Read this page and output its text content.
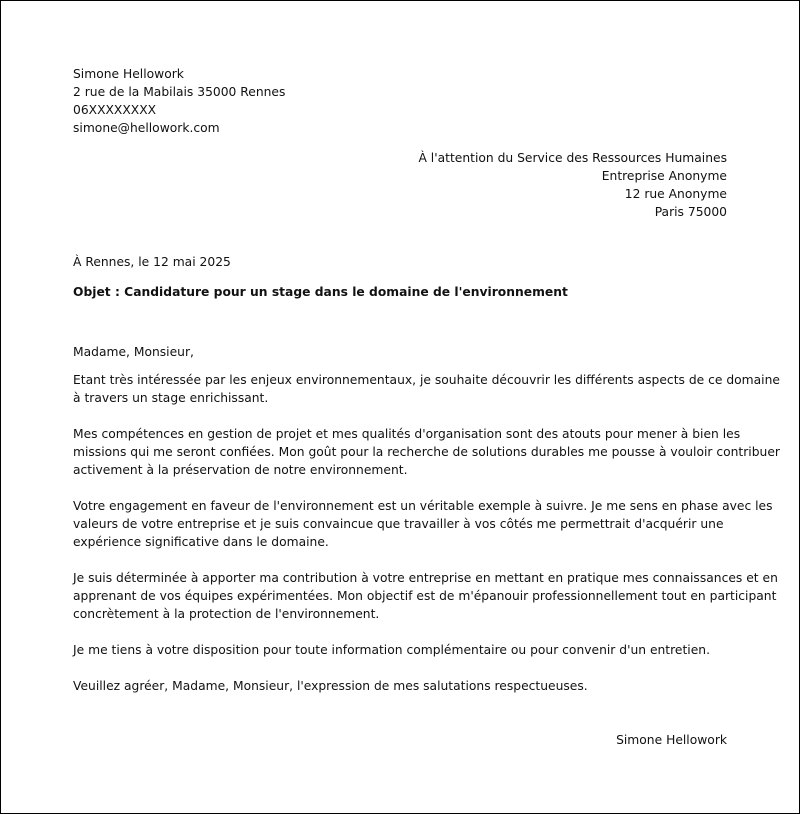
Simone Hellowork
2 rue de la Mabilais 35000 Rennes
06XXXXXXXX
simone@hellowork.com
À l'attention du Service des Ressources Humaines
Entreprise Anonyme
12 rue Anonyme
Paris 75000
À Rennes, le 12 mai 2025
Objet : Candidature pour un stage dans le domaine de l'environnement
Madame, Monsieur,
Etant très intéressée par les enjeux environnementaux, je souhaite découvrir les différents aspects de ce domaine
à travers un stage enrichissant.
Mes compétences en gestion de projet et mes qualités d'organisation sont des atouts pour mener à bien les
missions qui me seront confiées. Mon goût pour la recherche de solutions durables me pousse à vouloir contribuer
activement à la préservation de notre environnement.
Votre engagement en faveur de l'environnement est un véritable exemple à suivre. Je me sens en phase avec les
valeurs de votre entreprise et je suis convaincue que travailler à vos côtés me permettrait d'acquérir une
expérience significative dans le domaine.
Je suis déterminée à apporter ma contribution à votre entreprise en mettant en pratique mes connaissances et en
apprenant de vos équipes expérimentées. Mon objectif est de m'épanouir professionnellement tout en participant
concrètement à la protection de l'environnement.
Je me tiens à votre disposition pour toute information complémentaire ou pour convenir d'un entretien.
Veuillez agréer, Madame, Monsieur, l'expression de mes salutations respectueuses.
Simone Hellowork
